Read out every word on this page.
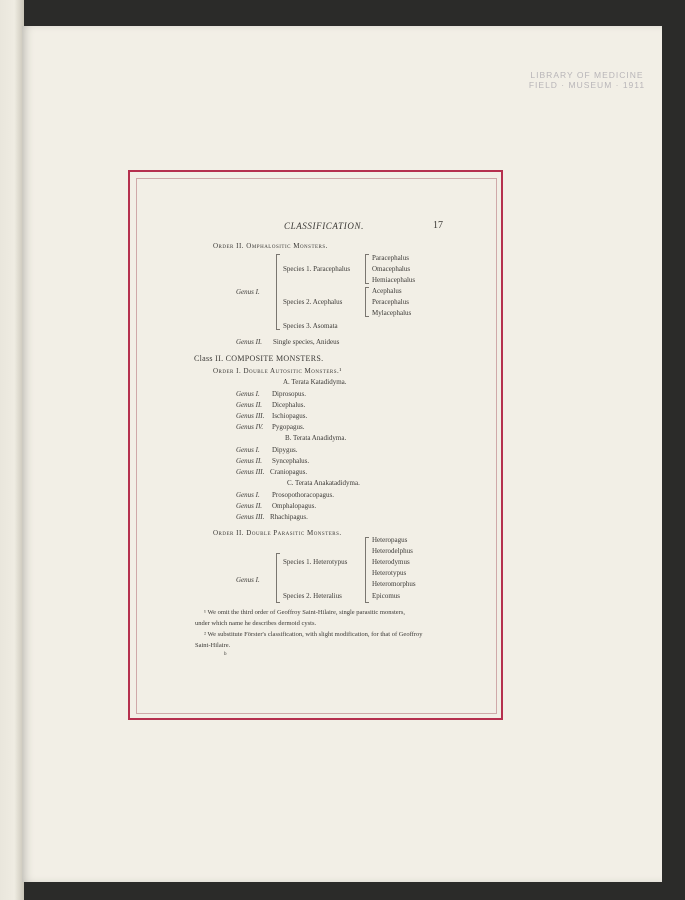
LIBRARY OF MEDICINE
FIELD · MUSEUM · 1911
CLASSIFICATION.	17
Order II. Omphalositic Monsters.
Genus I.
Species 1. Paracephalus
Paracephalus
Omacephalus
Hemiacephalus
Species 2. Acephalus
Acephalus
Peracephalus
Mylacephalus
Species 3. Asomata
Genus II. Single species, Anideus
Class II. COMPOSITE MONSTERS.
Order I. Double Autositic Monsters.¹
A. Terata Katadidyma.
Genus I. Diprosopus.
Genus II. Dicephalus.
Genus III. Ischiopagus.
Genus IV. Pygopagus.
B. Terata Anadidyma.
Genus I. Dipygus.
Genus II. Syncephalus.
Genus III. Craniopagus.
C. Terata Anakatadidyma.
Genus I. Prosopothoracopagus.
Genus II. Omphalopagus.
Genus III. Rhachipagus.
Order II. Double Parasitic Monsters.
Genus I.
Species 1. Heterotypus
Species 2. Heteralius
Heteropagus
Heterodelphus
Heterodymus
Heterotypus
Heteromorphus
Epicomus
¹ We omit the third order of Geoffroy Saint-Hilaire, single parasitic monsters,
under which name he describes dermoid cysts.
² We substitute Förster's classification, with slight modification, for that of Geoffroy
Saint-Hilaire.
b
